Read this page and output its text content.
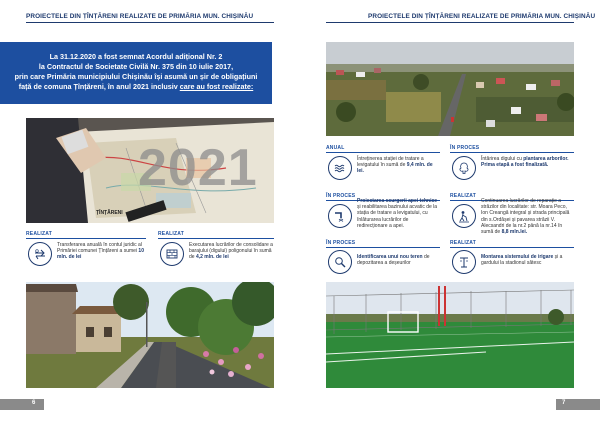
PROIECTELE DIN ȚÎNȚĂRENI REALIZATE DE PRIMĂRIA MUN. CHIȘINĂU
La 31.12.2020 a fost semnat Acordul adițional Nr. 2
la Contractul de Societate Civilă Nr. 375 din 10 iulie 2017,
prin care Primăria municipiului Chișinău își asumă un șir de obligațiuni
față de comuna Țînțăreni, în anul 2021 inclusiv care au fost realizate:
ȚÎNȚĂRENI
2021
REALIZAT
Transferarea anuală în contul juridic al Primăriei comunei Țînțăreni a sumei 10 mln. de lei
REALIZAT
Executarea lucrărilor de consolidare a barajului (digului) poligonului în sumă de 4,2 mln. de lei
6
PROIECTELE DIN ȚÎNȚĂRENI REALIZATE DE PRIMĂRIA MUN. CHIȘINĂU
ANUAL
Întreținerea stației de tratare a levigatului în sumă de 9,4 mln. de lei.
ÎN PROCES
Întărirea digului cu plantarea arborilor.
Prima etapă a fost finalizată.
ÎN PROCES
Proiectarea scurgerii apei tehnice și reabilitarea bazinului acvatic de la stația de tratare a levigatului, cu înlăturarea lucrărilor de redirecționare a apei.
REALIZAT
Continuarea lucrărilor de reparație a străzilor din localitate: str. Moara Peco, Ion Creangă integral și strada principală din s.Ordășei și pavarea străzii V. Alecsandri de la nr.2 până la nr.14 în sumă de 8,8 mln.lei.
ÎN PROCES
Identificarea unui nou teren de depozitarea a deșeurilor
REALIZAT
Montarea sistemului de irigare și a gardului la stadionul sătesc
7
